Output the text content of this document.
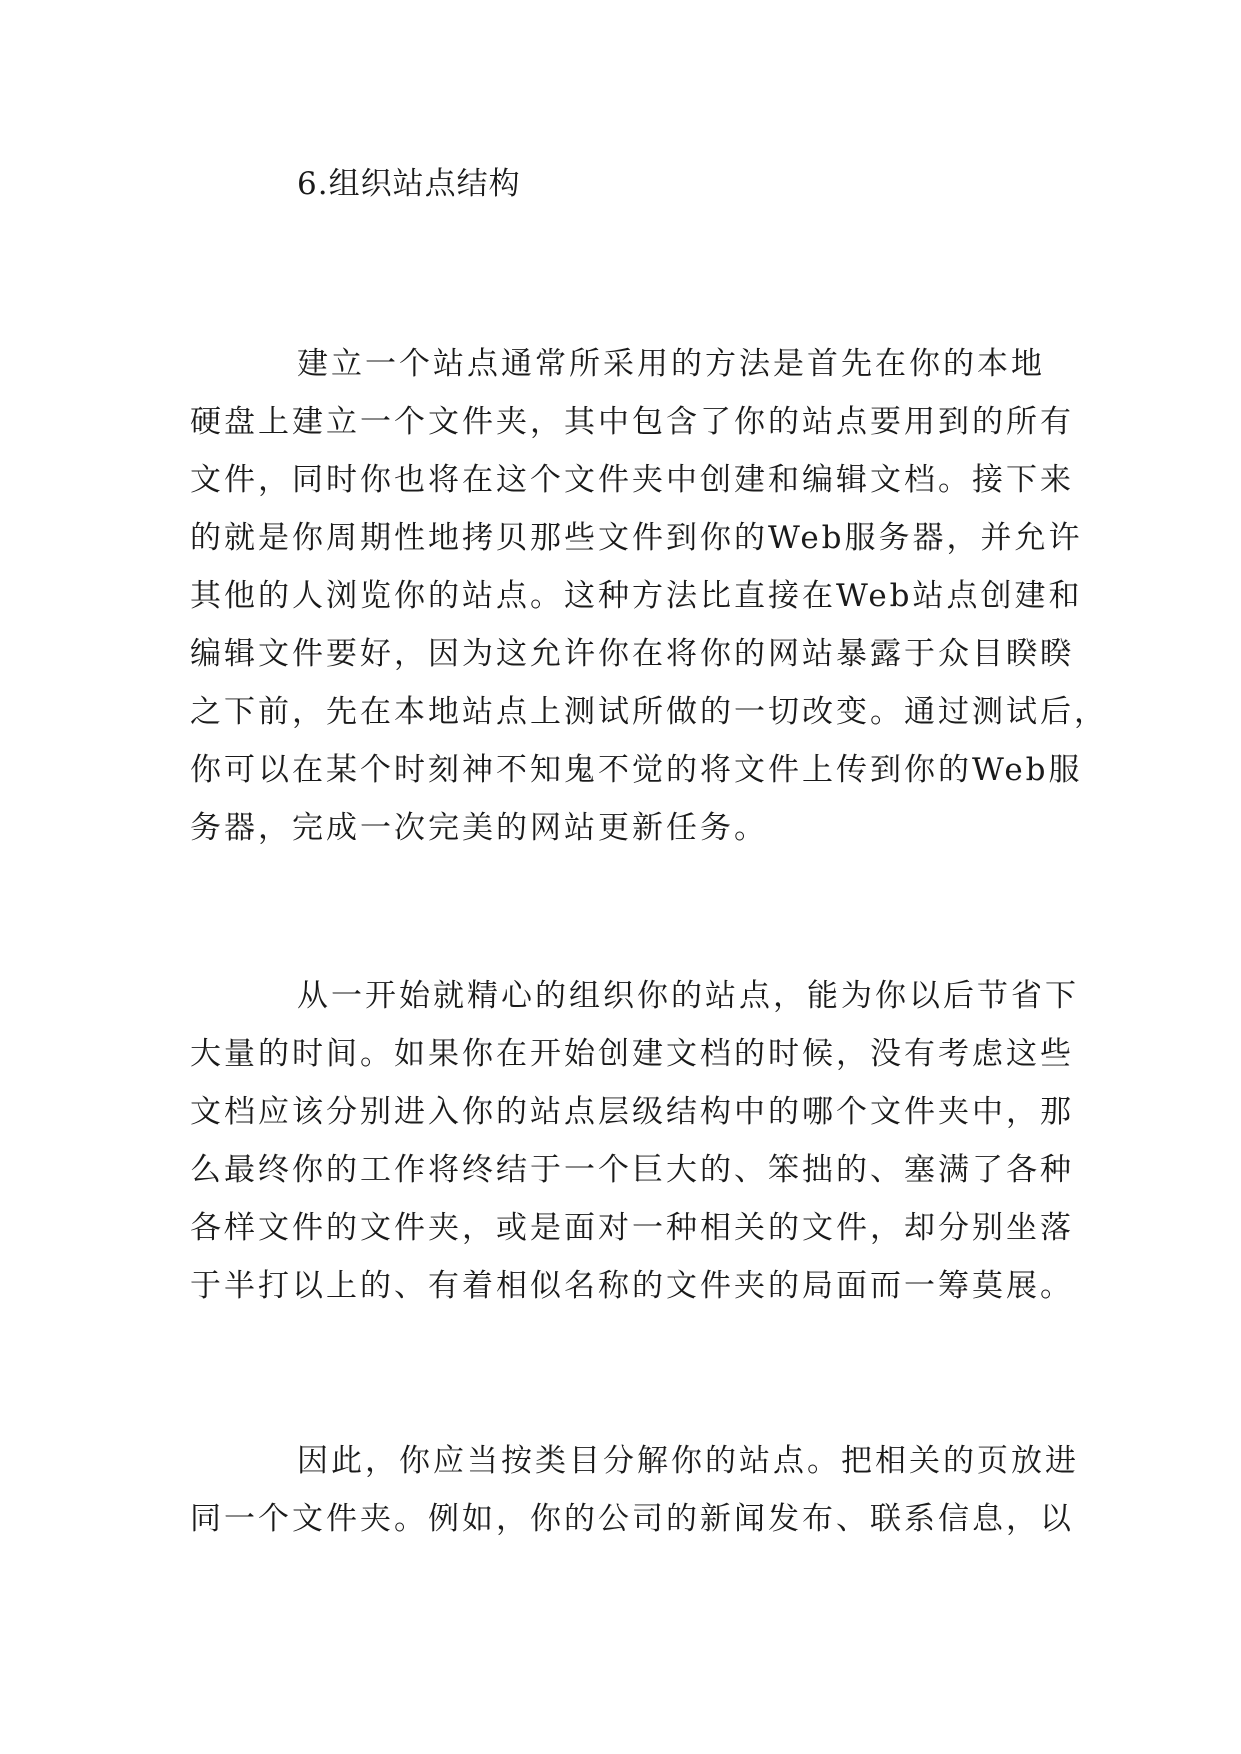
6.组织站点结构
建立一个站点通常所采用的方法是首先在你的本地
硬盘上建立一个文件夹，其中包含了你的站点要用到的所有
文件，同时你也将在这个文件夹中创建和编辑文档。接下来
的就是你周期性地拷贝那些文件到你的Web服务器，并允许
其他的人浏览你的站点。这种方法比直接在Web站点创建和
编辑文件要好，因为这允许你在将你的网站暴露于众目睽睽
之下前，先在本地站点上测试所做的一切改变。通过测试后，
你可以在某个时刻神不知鬼不觉的将文件上传到你的Web服
务器，完成一次完美的网站更新任务。
从一开始就精心的组织你的站点，能为你以后节省下
大量的时间。如果你在开始创建文档的时候，没有考虑这些
文档应该分别进入你的站点层级结构中的哪个文件夹中，那
么最终你的工作将终结于一个巨大的、笨拙的、塞满了各种
各样文件的文件夹，或是面对一种相关的文件，却分别坐落
于半打以上的、有着相似名称的文件夹的局面而一筹莫展。
因此，你应当按类目分解你的站点。把相关的页放进
同一个文件夹。例如，你的公司的新闻发布、联系信息，以
